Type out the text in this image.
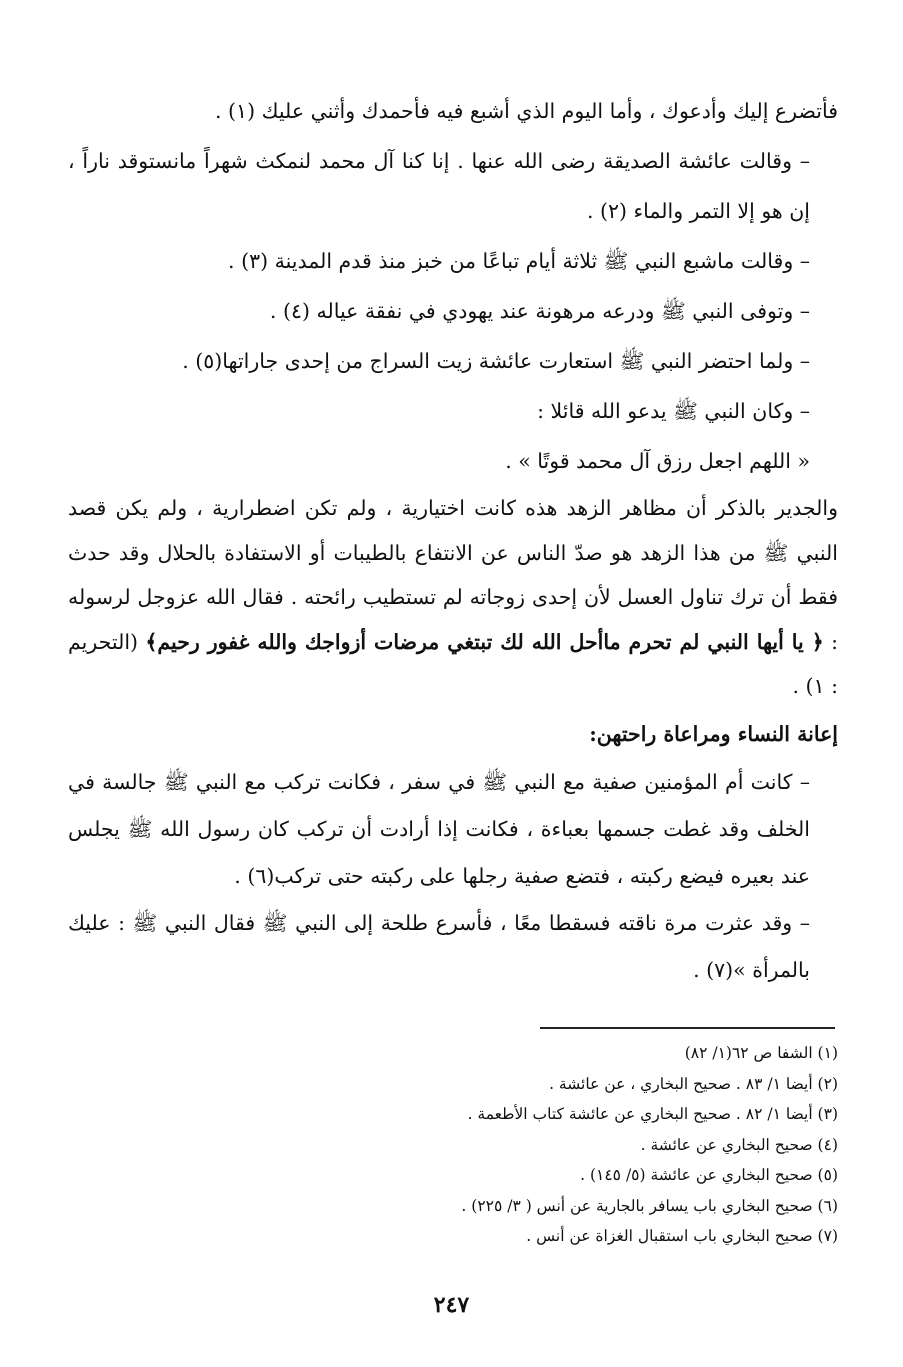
فأتضرع إليك وأدعوك ، وأما اليوم الذي أشبع فيه فأحمدك وأثني عليك (١) .

– وقالت عائشة الصديقة رضى الله عنها . إنا كنا آل محمد لنمكث شهراً مانستوقد ناراً ، إن هو إلا التمر والماء (٢) .

– وقالت ماشبع النبي ﷺ ثلاثة أيام تباعًا من خبز منذ قدم المدينة (٣) .

– وتوفى النبي ﷺ ودرعه مرهونة عند يهودي في نفقة عياله (٤) .

– ولما احتضر النبي ﷺ استعارت عائشة زيت السراج من إحدى جاراتها(٥) .

– وكان النبي ﷺ يدعو الله قائلا :

« اللهم اجعل رزق آل محمد قوتًا » .

والجدير بالذكر أن مظاهر الزهد هذه كانت اختيارية ، ولم تكن اضطرارية ، ولم يكن قصد النبي ﷺ من هذا الزهد هو صدّ الناس عن الانتفاع بالطيبات أو الاستفادة بالحلال وقد حدث فقط أن ترك تناول العسل لأن إحدى زوجاته لم تستطيب رائحته . فقال الله عزوجل لرسوله : ﴿ يا أيها النبي لم تحرم ماأحل الله لك تبتغي مرضات أزواجك والله غفور رحيم﴾ (التحريم : ١) .

إعانة النساء ومراعاة راحتهن:

– كانت أم المؤمنين صفية مع النبي ﷺ في سفر ، فكانت تركب مع النبي ﷺ جالسة في الخلف وقد غطت جسمها بعباءة ، فكانت إذا أرادت أن تركب كان رسول الله ﷺ يجلس عند بعيره فيضع ركبته ، فتضع صفية رجلها على ركبته حتى تركب(٦) .

– وقد عثرت مرة ناقته فسقطا معًا ، فأسرع طلحة إلى النبي ﷺ فقال النبي ﷺ : عليك بالمرأة »(٧) .

(١) الشفا ص ٦٢(١/ ٨٢)
(٢) أيضا ١/ ٨٣ . صحيح البخاري ، عن عائشة .
(٣) أيضا ١/ ٨٢ . صحيح البخاري عن عائشة كتاب الأطعمة .
(٤) صحيح البخاري عن عائشة .
(٥) صحيح البخاري عن عائشة (٥/ ١٤٥) .
(٦) صحيح البخاري باب يسافر بالجارية عن أنس ( ٣/ ٢٢٥) .
(٧) صحيح البخاري باب استقبال الغزاة عن أنس .
٢٤٧
